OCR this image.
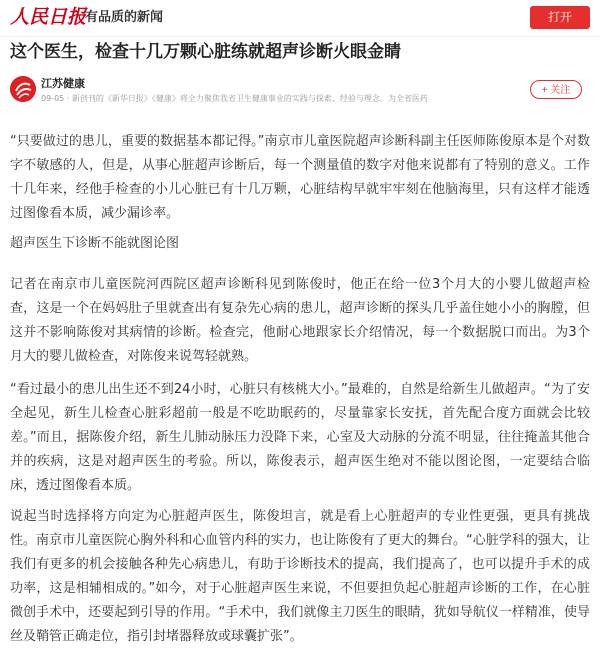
人民日报
有品质的新闻	打开
这个医生，检查十几万颗心脏练就超声诊断火眼金睛
江苏健康
09-05 · 新创刊的《新华日报》《健康》将全力聚焦我省卫生健康事业的实践与探索、经验与理念。为全省医药
+ 关注

“只要做过的患儿，重要的数据基本都记得。”南京市儿童医院超声诊断科副主任医师陈俊原本是个对数字不敏感的人，但是，从事心脏超声诊断后，每一个测量值的数字对他来说都有了特别的意义。工作十几年来，经他手检查的小儿心脏已有十几万颗，心脏结构早就牢牢刻在他脑海里，只有这样才能透过图像看本质，减少漏诊率。

超声医生下诊断不能就图论图

记者在南京市儿童医院河西院区超声诊断科见到陈俊时，他正在给一位3个月大的小婴儿做超声检查，这是一个在妈妈肚子里就查出有复杂先心病的患儿，超声诊断的探头几乎盖住她小小的胸膛，但这并不影响陈俊对其病情的诊断。检查完，他耐心地跟家长介绍情况，每一个数据脱口而出。为3个月大的婴儿做检查，对陈俊来说驾轻就熟。

“看过最小的患儿出生还不到24小时，心脏只有核桃大小。”最难的，自然是给新生儿做超声。“为了安全起见，新生儿检查心脏彩超前一般是不吃助眠药的，尽量靠家长安抚，首先配合度方面就会比较差。”而且，据陈俊介绍，新生儿肺动脉压力没降下来，心室及大动脉的分流不明显，往往掩盖其他合并的疾病，这是对超声医生的考验。所以，陈俊表示，超声医生绝对不能以图论图，一定要结合临床，透过图像看本质。

说起当时选择将方向定为心脏超声医生，陈俊坦言，就是看上心脏超声的专业性更强，更具有挑战性。南京市儿童医院心胸外科和心血管内科的实力，也让陈俊有了更大的舞台。“心脏学科的强大，让我们有更多的机会接触各种先心病患儿，有助于诊断技术的提高，我们提高了，也可以提升手术的成功率，这是相辅相成的。”如今，对于心脏超声医生来说，不但要担负起心脏超声诊断的工作，在心脏微创手术中，还要起到引导的作用。“手术中，我们就像主刀医生的眼睛，犹如导航仪一样精准，使导丝及鞘管正确走位，指引封堵器释放或球囊扩张”。
